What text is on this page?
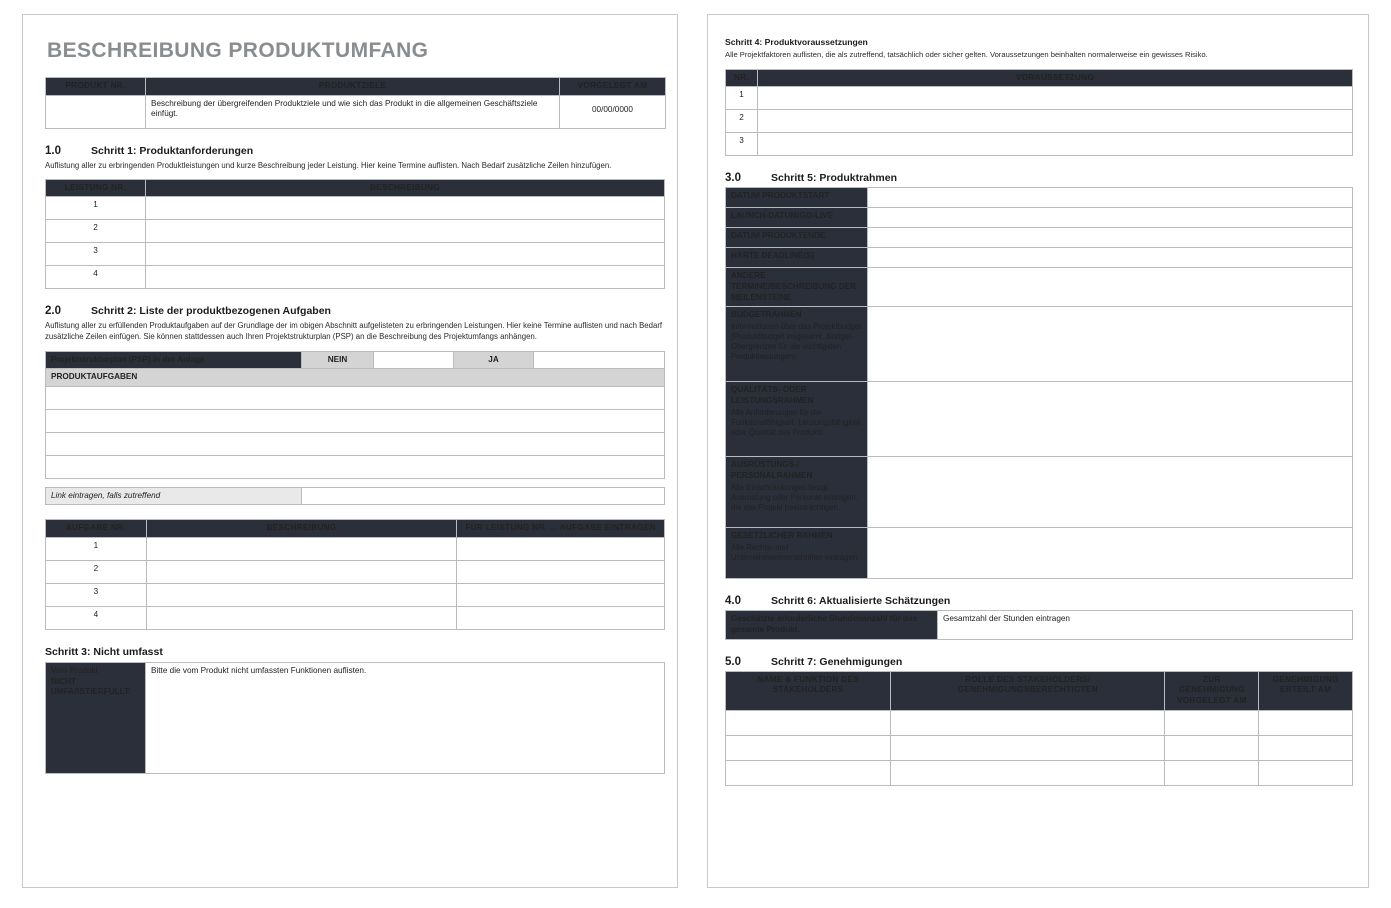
BESCHREIBUNG PRODUKTUMFANG
PRODUKT NR.	PRODUKTZIELE	VORGELEGT AM
	Beschreibung der übergreifenden Produktziele und wie sich das Produkt in die allgemeinen Geschäftsziele einfügt.	00/00/0000
1.0	Schritt 1: Produktanforderungen
Auflistung aller zu erbringenden Produktleistungen und kurze Beschreibung jeder Leistung. Hier keine Termine auflisten. Nach Bedarf zusätzliche Zeilen hinzufügen.
LEISTUNG NR.	BESCHREIBUNG
1	
2	
3	
4	
2.0	Schritt 2: Liste der produktbezogenen Aufgaben
Auflistung aller zu erfüllenden Produktaufgaben auf der Grundlage der im obigen Abschnitt aufgelisteten zu erbringenden Leistungen. Hier keine Termine auflisten und nach Bedarf zusätzliche Zeilen einfügen. Sie können stattdessen auch Ihren Projektstrukturplan (PSP) an die Beschreibung des Projektumfangs anhängen.
Projektstrukturplan (PSP) in der Anlage	NEIN		JA	
PRODUKTAUFGABEN

Link eintragen, falls zutreffend	
AUFGABE NR.	BESCHREIBUNG	FÜR LEISTUNG NR. ... AUFGABE EINTRAGEN
1		
2		
3		
4		
Schritt 3: Nicht umfasst
Vom Produkt
NICHT UMFASST/ERFÜLLT:	Bitte die vom Produkt nicht umfassten Funktionen auflisten.
Schritt 4: Produktvoraussetzungen
Alle Projektfaktoren auflisten, die als zutreffend, tatsächlich oder sicher gelten. Voraussetzungen beinhalten normalerweise ein gewisses Risiko.
NR.	VORAUSSETZUNG
1	
2	
3	
3.0	Schritt 5: Produktrahmen
DATUM PRODUKTSTART	
LAUNCH-DATUM/GO-LIVE	
DATUM PRODUKTENDE	
HARTE DEADLINE(S)	
ANDERE TERMINE/BESCHREIBUNG DER MEILENSTEINE	
BUDGETRAHMEN
Informationen über das Projektbudget (Produktbudget insgesamt, Budget-Obergrenzen für die wichtigsten Produktleistungen).	

QUALITÄTS- ODER LEISTUNGSRAHMEN
Alle Anforderungen für die Funktionsfähigkeit, Leistungsfähigkeit oder Qualität des Produkts.	

AUSRÜSTUNGS-/ PERSONALRAHMEN
Alle Einschränkungen bezgl. Ausrüstung oder Personal eintragen, die das Projekt beeinträchtigen.	

GESETZLICHER RAHMEN
Alle Rechts- und Unternehmensvorschriften eintragen.	

4.0	Schritt 6: Aktualisierte Schätzungen
Geschätzte erforderliche Stundenanzahl für das gesamte Produkt.	Gesamtzahl der Stunden eintragen
5.0	Schritt 7: Genehmigungen
NAME & FUNKTION DES STAKEHOLDERS	ROLLE DES STAKEHOLDERS/ GENEHMIGUNGSBERECHTIGTEN	ZUR GENEHMIGUNG VORGELEGT AM	GENEHMIGUNG ERTEILT AM
